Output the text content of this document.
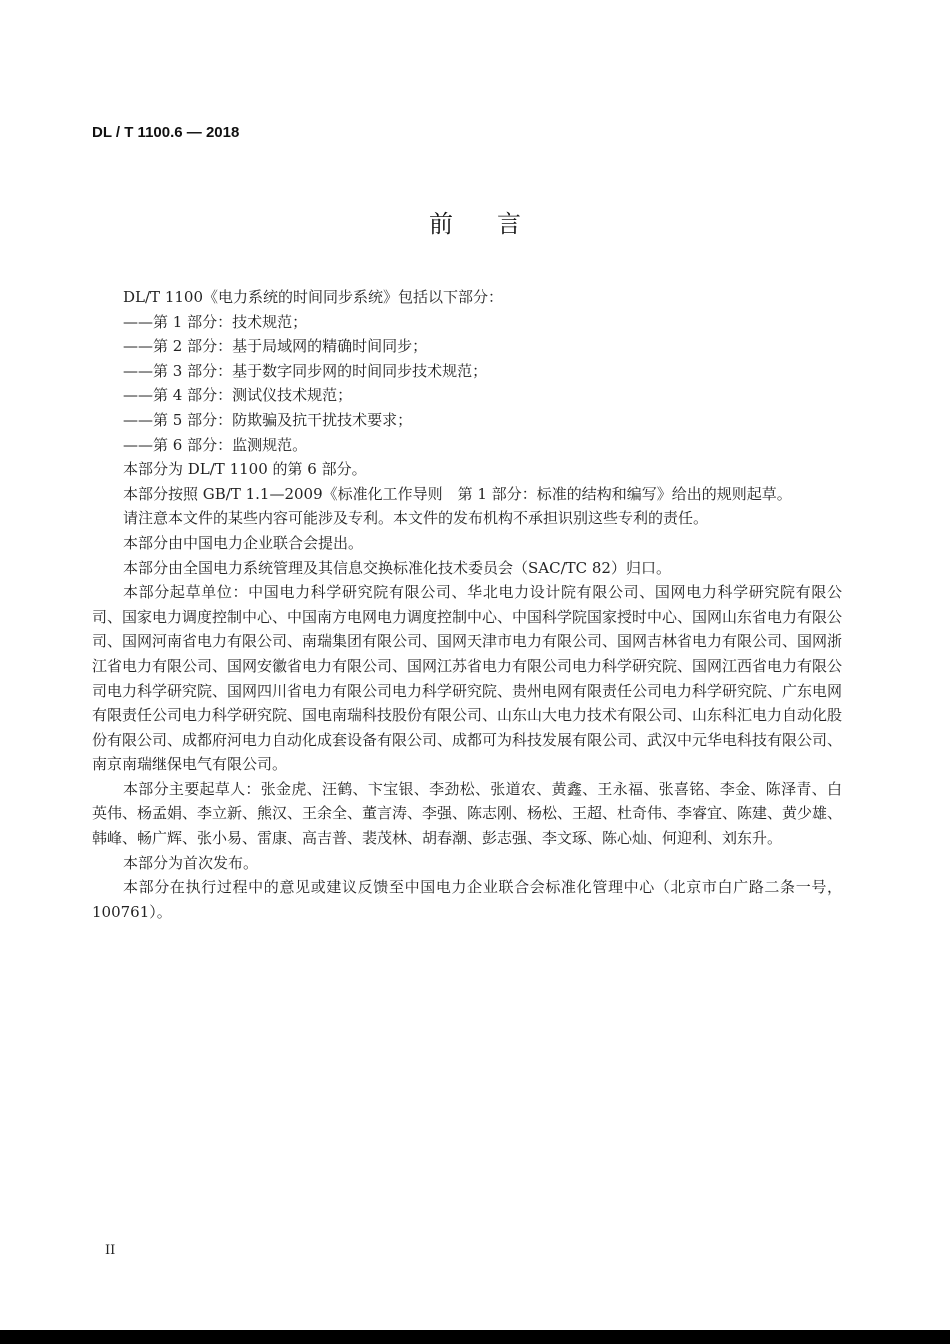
DL / T 1100.6 — 2018
前言

DL/T 1100《电力系统的时间同步系统》包括以下部分：

——第 1 部分：技术规范；

——第 2 部分：基于局域网的精确时间同步；

——第 3 部分：基于数字同步网的时间同步技术规范；

——第 4 部分：测试仪技术规范；

——第 5 部分：防欺骗及抗干扰技术要求；

——第 6 部分：监测规范。

本部分为 DL/T 1100 的第 6 部分。

本部分按照 GB/T 1.1—2009《标准化工作导则　第 1 部分：标准的结构和编写》给出的规则起草。

请注意本文件的某些内容可能涉及专利。本文件的发布机构不承担识别这些专利的责任。

本部分由中国电力企业联合会提出。

本部分由全国电力系统管理及其信息交换标准化技术委员会（SAC/TC 82）归口。

本部分起草单位：中国电力科学研究院有限公司、华北电力设计院有限公司、国网电力科学研究院有限公司、国家电力调度控制中心、中国南方电网电力调度控制中心、中国科学院国家授时中心、国网山东省电力有限公司、国网河南省电力有限公司、南瑞集团有限公司、国网天津市电力有限公司、国网吉林省电力有限公司、国网浙江省电力有限公司、国网安徽省电力有限公司、国网江苏省电力有限公司电力科学研究院、国网江西省电力有限公司电力科学研究院、国网四川省电力有限公司电力科学研究院、贵州电网有限责任公司电力科学研究院、广东电网有限责任公司电力科学研究院、国电南瑞科技股份有限公司、山东山大电力技术有限公司、山东科汇电力自动化股份有限公司、成都府河电力自动化成套设备有限公司、成都可为科技发展有限公司、武汉中元华电科技有限公司、南京南瑞继保电气有限公司。

本部分主要起草人：张金虎、汪鹤、卞宝银、李劲松、张道农、黄鑫、王永福、张喜铭、李金、陈泽青、白英伟、杨孟娟、李立新、熊汉、王余全、董言涛、李强、陈志刚、杨松、王超、杜奇伟、李睿宜、陈建、黄少雄、韩峰、畅广辉、张小易、雷康、高吉普、裴茂林、胡春潮、彭志强、李文琢、陈心灿、何迎利、刘东升。

本部分为首次发布。

本部分在执行过程中的意见或建议反馈至中国电力企业联合会标准化管理中心（北京市白广路二条一号，100761）。

II
